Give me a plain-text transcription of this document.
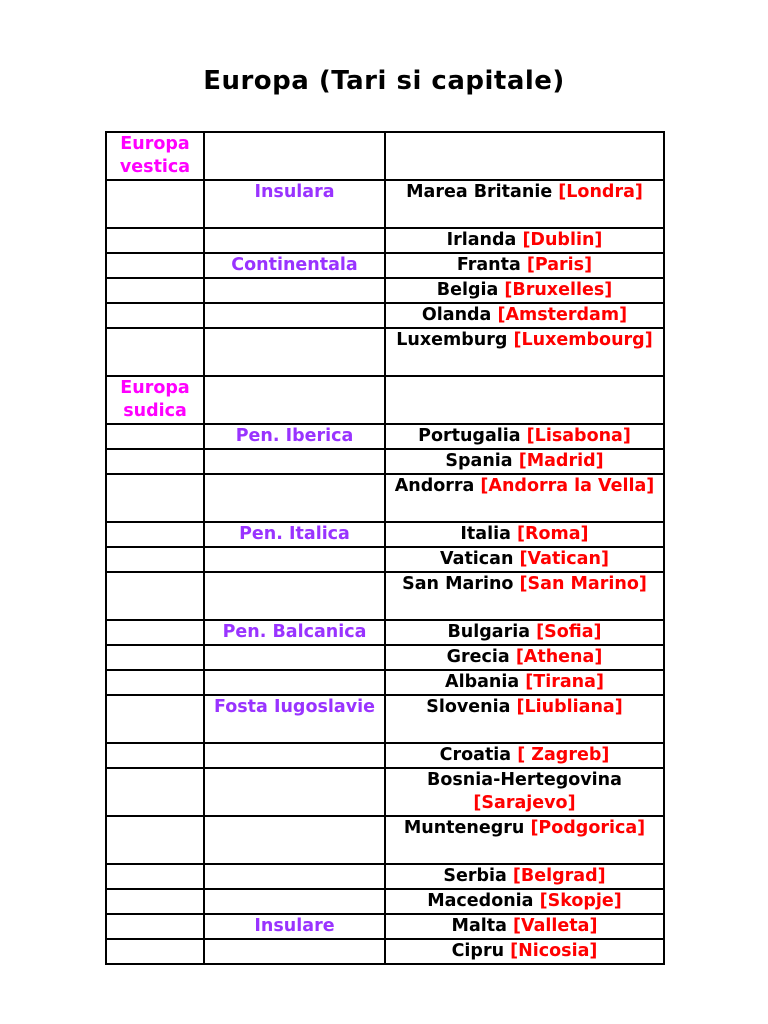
Europa (Tari si capitale)
Europa vestica		
	Insulara	Marea Britanie [Londra]
		Irlanda [Dublin]
	Continentala	Franta [Paris]
		Belgia [Bruxelles]
		Olanda [Amsterdam]
		Luxemburg [Luxembourg]
Europa sudica		
	Pen. Iberica	Portugalia [Lisabona]
		Spania [Madrid]
		Andorra [Andorra la Vella]
	Pen. Italica	Italia [Roma]
		Vatican [Vatican]
		San Marino [San Marino]
	Pen. Balcanica	Bulgaria [Sofia]
		Grecia [Athena]
		Albania [Tirana]
	Fosta Iugoslavie	Slovenia [Liubliana]
		Croatia [ Zagreb]
		Bosnia-Hertegovina [Sarajevo]
		Muntenegru [Podgorica]
		Serbia [Belgrad]
		Macedonia [Skopje]
	Insulare	Malta [Valleta]
		Cipru [Nicosia]
